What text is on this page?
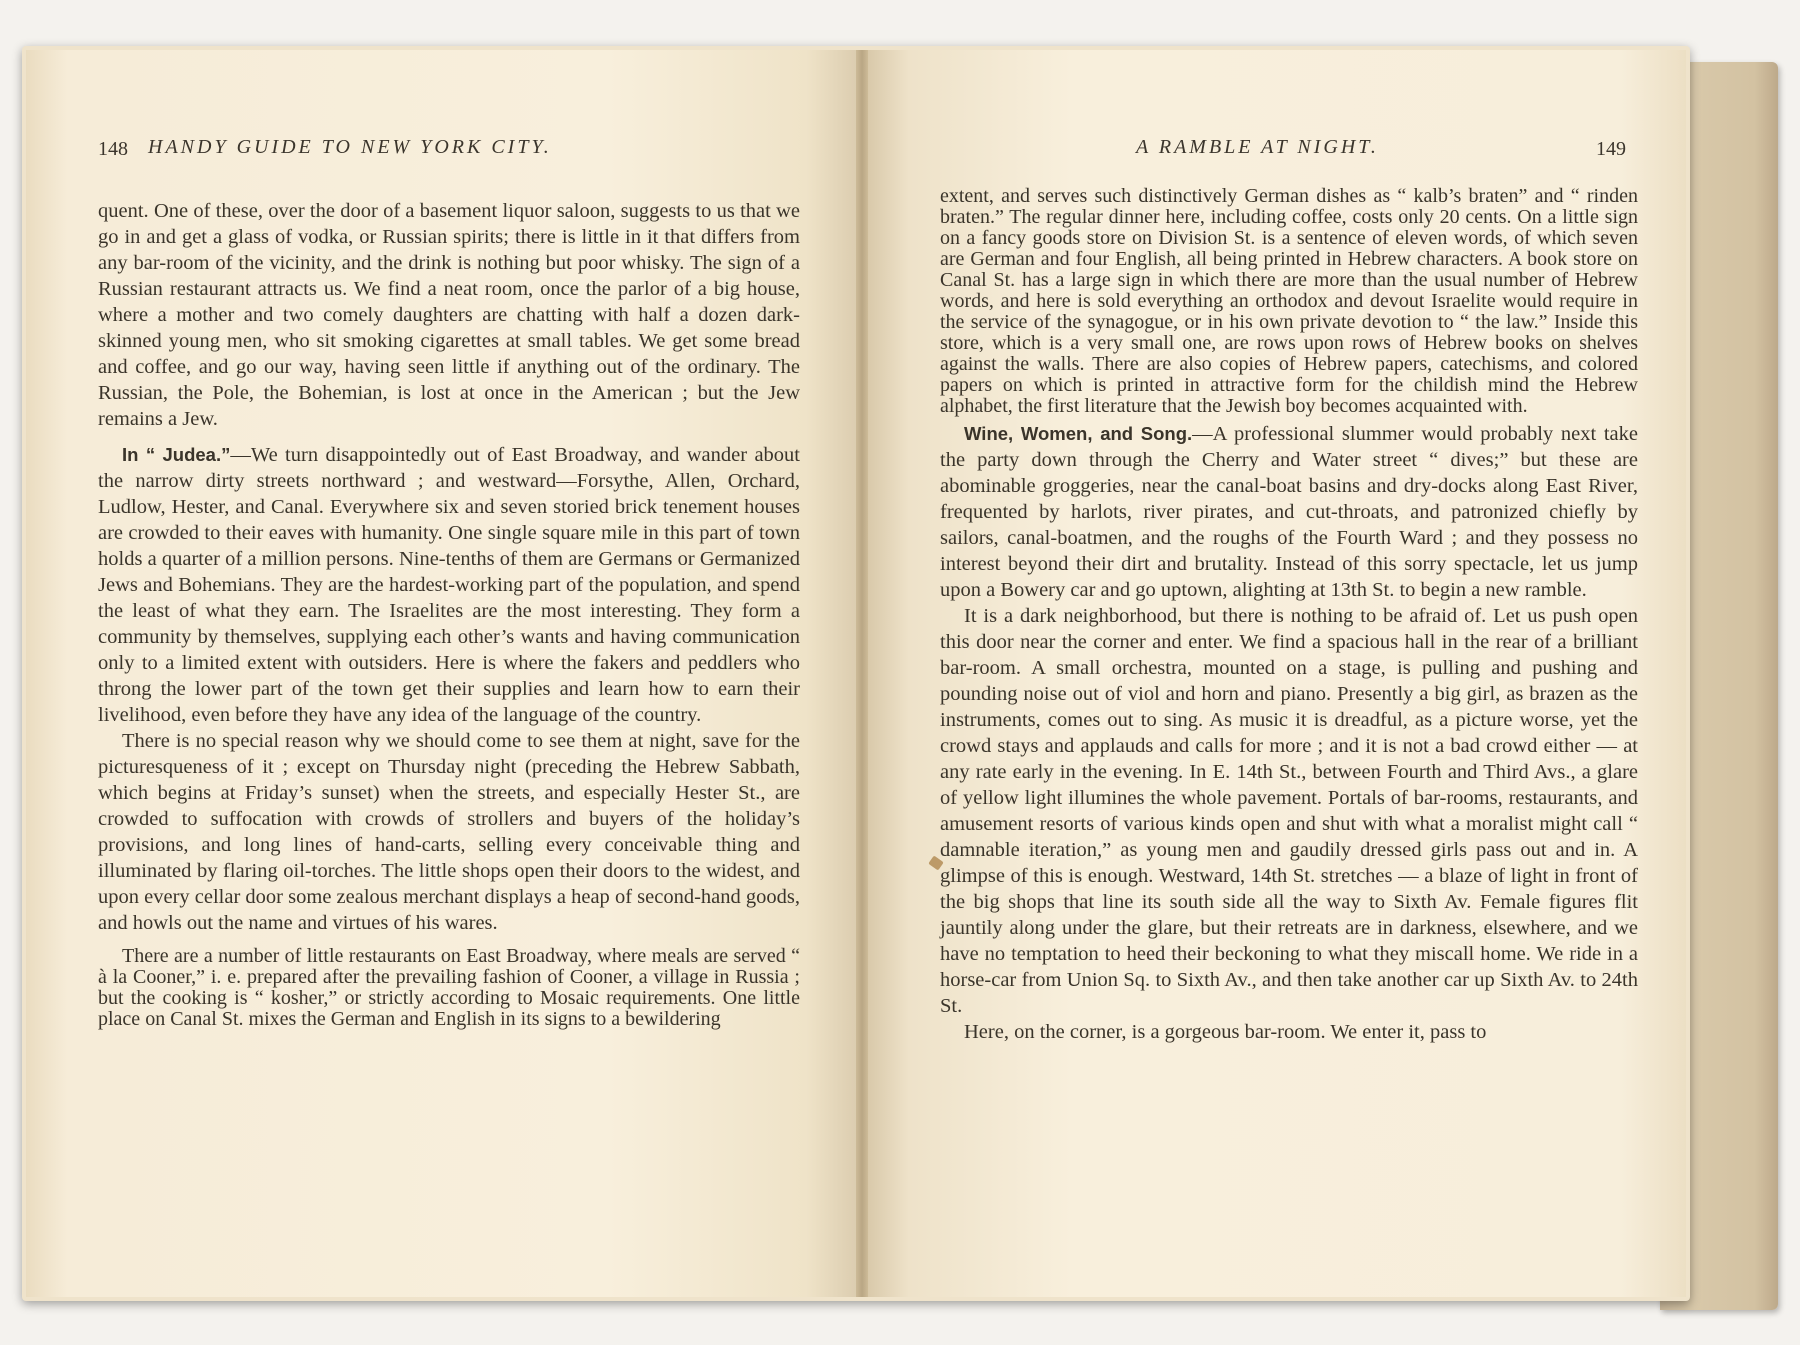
148 HANDY GUIDE TO NEW YORK CITY.

quent. One of these, over the door of a basement liquor saloon, suggests to us that we go in and get a glass of vodka, or Russian spirits; there is little in it that differs from any bar-room of the vicinity, and the drink is nothing but poor whisky. The sign of a Russian restaurant attracts us. We find a neat room, once the parlor of a big house, where a mother and two comely daughters are chatting with half a dozen dark-skinned young men, who sit smoking cigarettes at small tables. We get some bread and coffee, and go our way, having seen little if anything out of the ordinary. The Russian, the Pole, the Bohemian, is lost at once in the American ; but the Jew remains a Jew.

In “ Judea.”—We turn disappointedly out of East Broadway, and wander about the narrow dirty streets northward ; and westward—Forsythe, Allen, Orchard, Ludlow, Hester, and Canal. Everywhere six and seven storied brick tenement houses are crowded to their eaves with humanity. One single square mile in this part of town holds a quarter of a million persons. Nine-tenths of them are Germans or Germanized Jews and Bohemians. They are the hardest-working part of the population, and spend the least of what they earn. The Israelites are the most interesting. They form a community by themselves, supplying each other’s wants and having communication only to a limited extent with outsiders. Here is where the fakers and peddlers who throng the lower part of the town get their supplies and learn how to earn their livelihood, even before they have any idea of the language of the country.

There is no special reason why we should come to see them at night, save for the picturesqueness of it ; except on Thursday night (preceding the Hebrew Sabbath, which begins at Friday’s sunset) when the streets, and especially Hester St., are crowded to suffocation with crowds of strollers and buyers of the holiday’s provisions, and long lines of hand-carts, selling every conceivable thing and illuminated by flaring oil-torches. The little shops open their doors to the widest, and upon every cellar door some zealous merchant displays a heap of second-hand goods, and howls out the name and virtues of his wares.

There are a number of little restaurants on East Broadway, where meals are served “ à la Cooner,” i. e. prepared after the prevailing fashion of Cooner, a village in Russia ; but the cooking is “ kosher,” or strictly according to Mosaic requirements. One little place on Canal St. mixes the German and English in its signs to a bewildering

A RAMBLE AT NIGHT.	149

extent, and serves such distinctively German dishes as “ kalb’s braten” and “ rinden braten.” The regular dinner here, including coffee, costs only 20 cents. On a little sign on a fancy goods store on Division St. is a sentence of eleven words, of which seven are German and four English, all being printed in Hebrew characters. A book store on Canal St. has a large sign in which there are more than the usual number of Hebrew words, and here is sold everything an orthodox and devout Israelite would require in the service of the synagogue, or in his own private devotion to “ the law.” Inside this store, which is a very small one, are rows upon rows of Hebrew books on shelves against the walls. There are also copies of Hebrew papers, catechisms, and colored papers on which is printed in attractive form for the childish mind the Hebrew alphabet, the first literature that the Jewish boy becomes acquainted with.

Wine, Women, and Song.—A professional slummer would probably next take the party down through the Cherry and Water street “ dives;” but these are abominable groggeries, near the canal-boat basins and dry-docks along East River, frequented by harlots, river pirates, and cut-throats, and patronized chiefly by sailors, canal-boatmen, and the roughs of the Fourth Ward ; and they possess no interest beyond their dirt and brutality. Instead of this sorry spectacle, let us jump upon a Bowery car and go uptown, alighting at 13th St. to begin a new ramble.

It is a dark neighborhood, but there is nothing to be afraid of. Let us push open this door near the corner and enter. We find a spacious hall in the rear of a brilliant bar-room. A small orchestra, mounted on a stage, is pulling and pushing and pounding noise out of viol and horn and piano. Presently a big girl, as brazen as the instruments, comes out to sing. As music it is dreadful, as a picture worse, yet the crowd stays and applauds and calls for more ; and it is not a bad crowd either — at any rate early in the evening. In E. 14th St., between Fourth and Third Avs., a glare of yellow light illumines the whole pavement. Portals of bar-rooms, restaurants, and amusement resorts of various kinds open and shut with what a moralist might call “ damnable iteration,” as young men and gaudily dressed girls pass out and in. A glimpse of this is enough. Westward, 14th St. stretches — a blaze of light in front of the big shops that line its south side all the way to Sixth Av. Female figures flit jauntily along under the glare, but their retreats are in darkness, elsewhere, and we have no temptation to heed their beckoning to what they miscall home. We ride in a horse-car from Union Sq. to Sixth Av., and then take another car up Sixth Av. to 24th St.

Here, on the corner, is a gorgeous bar-room. We enter it, pass to
